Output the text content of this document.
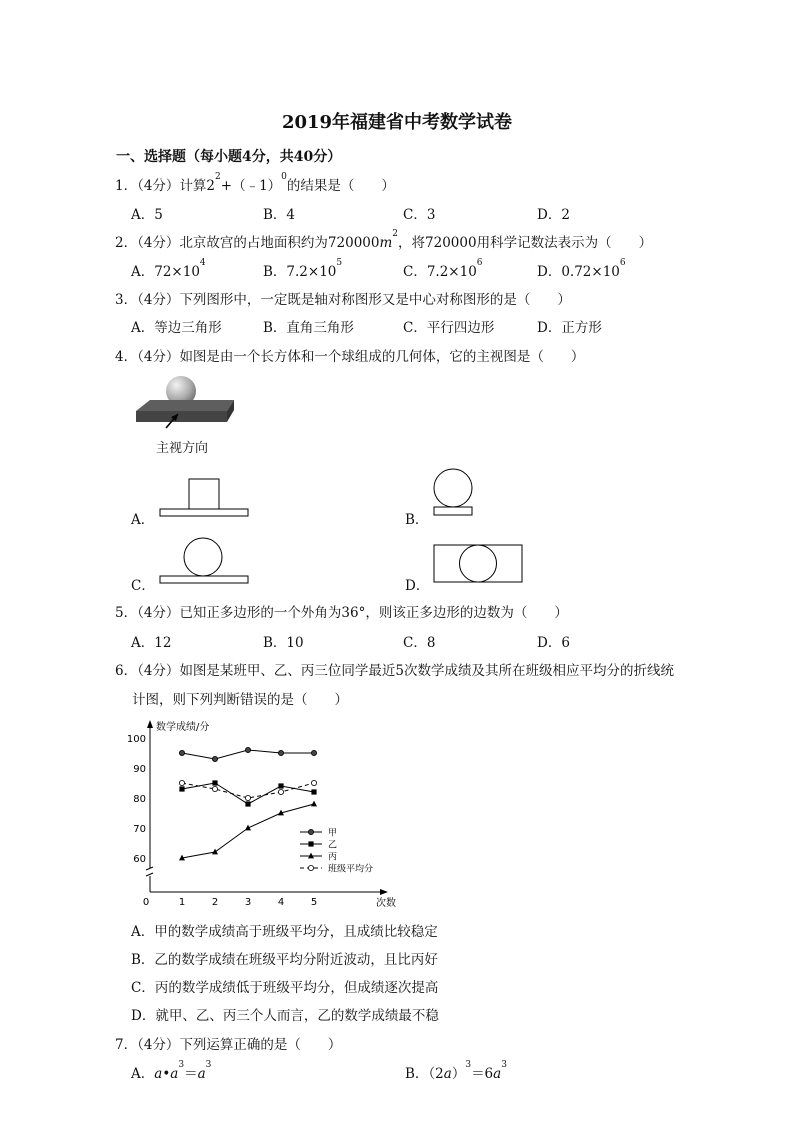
2019年福建省中考数学试卷
一、选择题（每小题4分，共40分）
1．（4分）计算$2^2+(﹣1)^0$的结果是（　　）
A．5	B．4	C．3	D．2
2．（4分）北京故宫的占地面积约为$720000m^2$，将720000用科学记数法表示为（　　）
A．$72\times 10^4$
B．$7.2\times 10^5$
C．$7.2\times 10^6$
D．$0.72\times 10^6$
3．（4分）下列图形中，一定既是轴对称图形又是中心对称图形的是（　　）
A．等边三角形	B．直角三角形	C．平行四边形	D．正方形
4．（4分）如图是由一个长方体和一个球组成的几何体，它的主视图是（　　）
主视方向
A．	B．
C．	D．
5．（4分）已知正多边形的一个外角为36°，则该正多边形的边数为（　　）
A．12	B．10	C．8	D．6
6．（4分）如图是某班甲、乙、丙三位同学最近5次数学成绩及其所在班级相应平均分的折线统
计图，则下列判断错误的是（　　）
数学成绩/分
0	次数
60
70
80
90
100
1	2	3	4	5
甲
乙
丙
班级平均分
A．甲的数学成绩高于班级平均分，且成绩比较稳定
B．乙的数学成绩在班级平均分附近波动，且比丙好
C．丙的数学成绩低于班级平均分，但成绩逐次提高
D．就甲、乙、丙三个人而言，乙的数学成绩最不稳
7．（4分）下列运算正确的是（　　）
A．$a•a^3=a^3$
B．$(2a)^3=6a^3$
